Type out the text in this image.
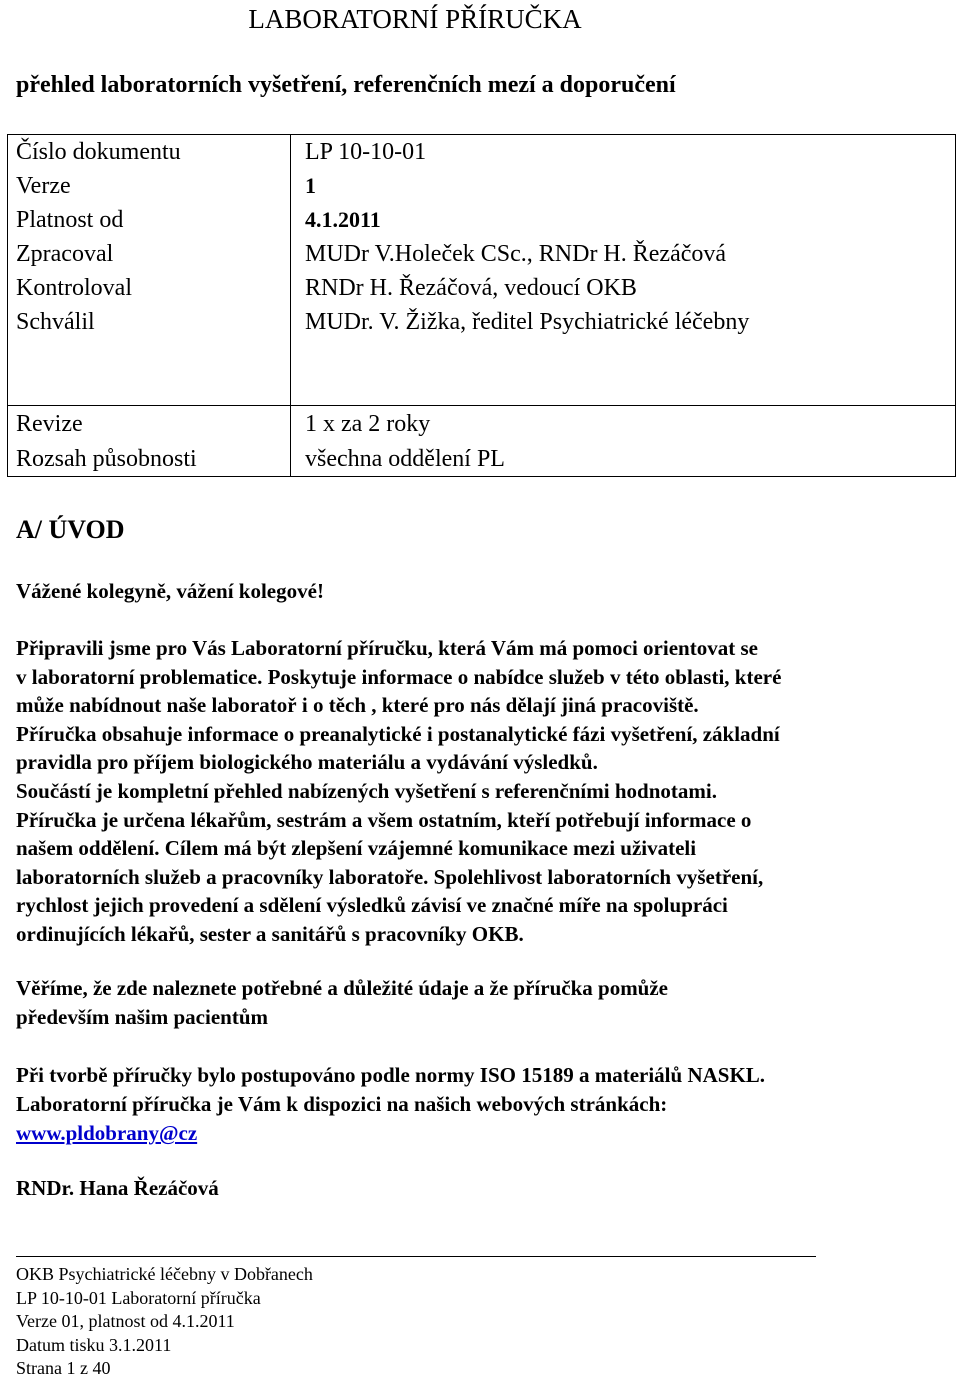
LABORATORNÍ PŘÍRUČKA
přehled laboratorních vyšetření, referenčních mezí a doporučení
Číslo dokumentu	LP 10-10-01
Verze	1
Platnost od	4.1.2011
Zpracoval	MUDr V.Holeček CSc., RNDr H. Řezáčová
Kontroloval	RNDr H. Řezáčová, vedoucí OKB
Schválil	MUDr. V. Žižka, ředitel Psychiatrické léčebny

Revize	1 x za 2 roky
Rozsah působnosti	všechna oddělení PL
A/ ÚVOD
Vážené kolegyně, vážení kolegové!
Připravili jsme pro Vás Laboratorní příručku, která Vám má pomoci orientovat se
v laboratorní problematice. Poskytuje informace o nabídce služeb v této oblasti, které
může nabídnout naše laboratoř i o těch , které pro nás dělají jiná pracoviště.
Příručka obsahuje informace o preanalytické i postanalytické fázi vyšetření, základní
pravidla pro příjem biologického materiálu a vydávání výsledků.
Součástí je kompletní přehled nabízených vyšetření s referenčními hodnotami.
Příručka je určena lékařům, sestrám a všem ostatním, kteří potřebují informace o
našem oddělení. Cílem má být zlepšení vzájemné komunikace mezi uživateli
laboratorních služeb a pracovníky laboratoře. Spolehlivost laboratorních vyšetření,
rychlost jejich provedení a sdělení výsledků závisí ve značné míře na spolupráci
ordinujících lékařů, sester a sanitářů s pracovníky OKB.
Věříme, že zde naleznete potřebné a důležité údaje a že příručka pomůže
především našim pacientům
Při tvorbě příručky bylo postupováno podle normy ISO 15189 a materiálů NASKL.
Laboratorní příručka je Vám k dispozici na našich webových stránkách:
www.pldobrany@cz
RNDr. Hana Řezáčová
OKB Psychiatrické léčebny v Dobřanech
LP 10-10-01 Laboratorní příručka
Verze 01, platnost od 4.1.2011
Datum tisku 3.1.2011
Strana 1 z 40
